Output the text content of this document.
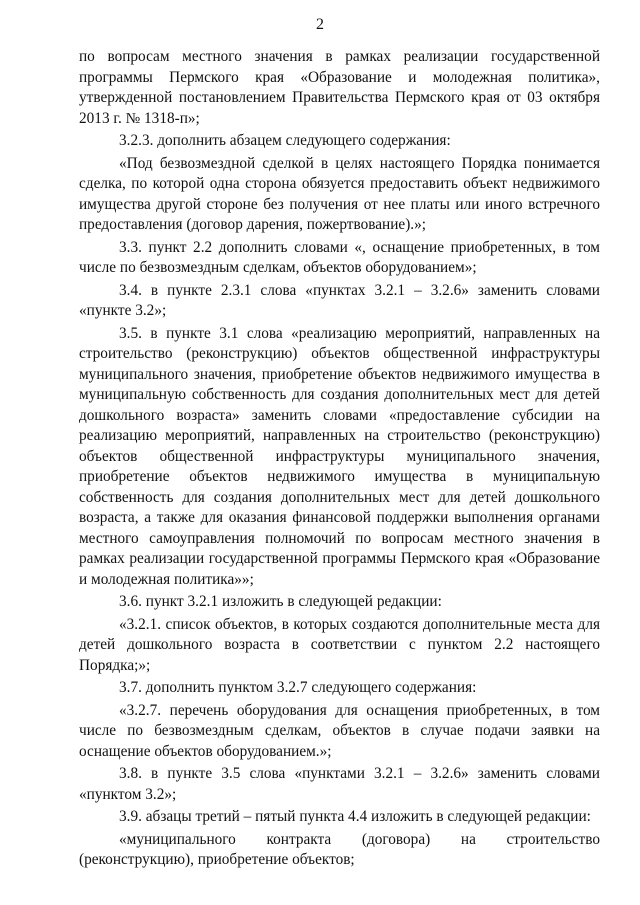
2

по вопросам местного значения в рамках реализации государственной программы Пермского края «Образование и молодежная политика», утвержденной постановлением Правительства Пермского края от 03 октября 2013 г. № 1318-п»;

3.2.3. дополнить абзацем следующего содержания:

«Под безвозмездной сделкой в целях настоящего Порядка понимается сделка, по которой одна сторона обязуется предоставить объект недвижимого имущества другой стороне без получения от нее платы или иного встречного предоставления (договор дарения, пожертвование).»;

3.3. пункт 2.2 дополнить словами «, оснащение приобретенных, в том числе по безвозмездным сделкам, объектов оборудованием»;

3.4. в пункте 2.3.1 слова «пунктах 3.2.1 – 3.2.6» заменить словами «пункте 3.2»;

3.5. в пункте 3.1 слова «реализацию мероприятий, направленных на строительство (реконструкцию) объектов общественной инфраструктуры муниципального значения, приобретение объектов недвижимого имущества в муниципальную собственность для создания дополнительных мест для детей дошкольного возраста» заменить словами «предоставление субсидии на реализацию мероприятий, направленных на строительство (реконструкцию) объектов общественной инфраструктуры муниципального значения, приобретение объектов недвижимого имущества в муниципальную собственность для создания дополнительных мест для детей дошкольного возраста, а также для оказания финансовой поддержки выполнения органами местного самоуправления полномочий по вопросам местного значения в рамках реализации государственной программы Пермского края «Образование и молодежная политика»»;

3.6. пункт 3.2.1 изложить в следующей редакции:

«3.2.1. список объектов, в которых создаются дополнительные места для детей дошкольного возраста в соответствии с пунктом 2.2 настоящего Порядка;»;

3.7. дополнить пунктом 3.2.7 следующего содержания:

«3.2.7. перечень оборудования для оснащения приобретенных, в том числе по безвозмездным сделкам, объектов в случае подачи заявки на оснащение объектов оборудованием.»;

3.8. в пункте 3.5 слова «пунктами 3.2.1 – 3.2.6» заменить словами «пунктом 3.2»;

3.9. абзацы третий – пятый пункта 4.4 изложить в следующей редакции:

«муниципального контракта (договора) на строительство (реконструкцию), приобретение объектов;
